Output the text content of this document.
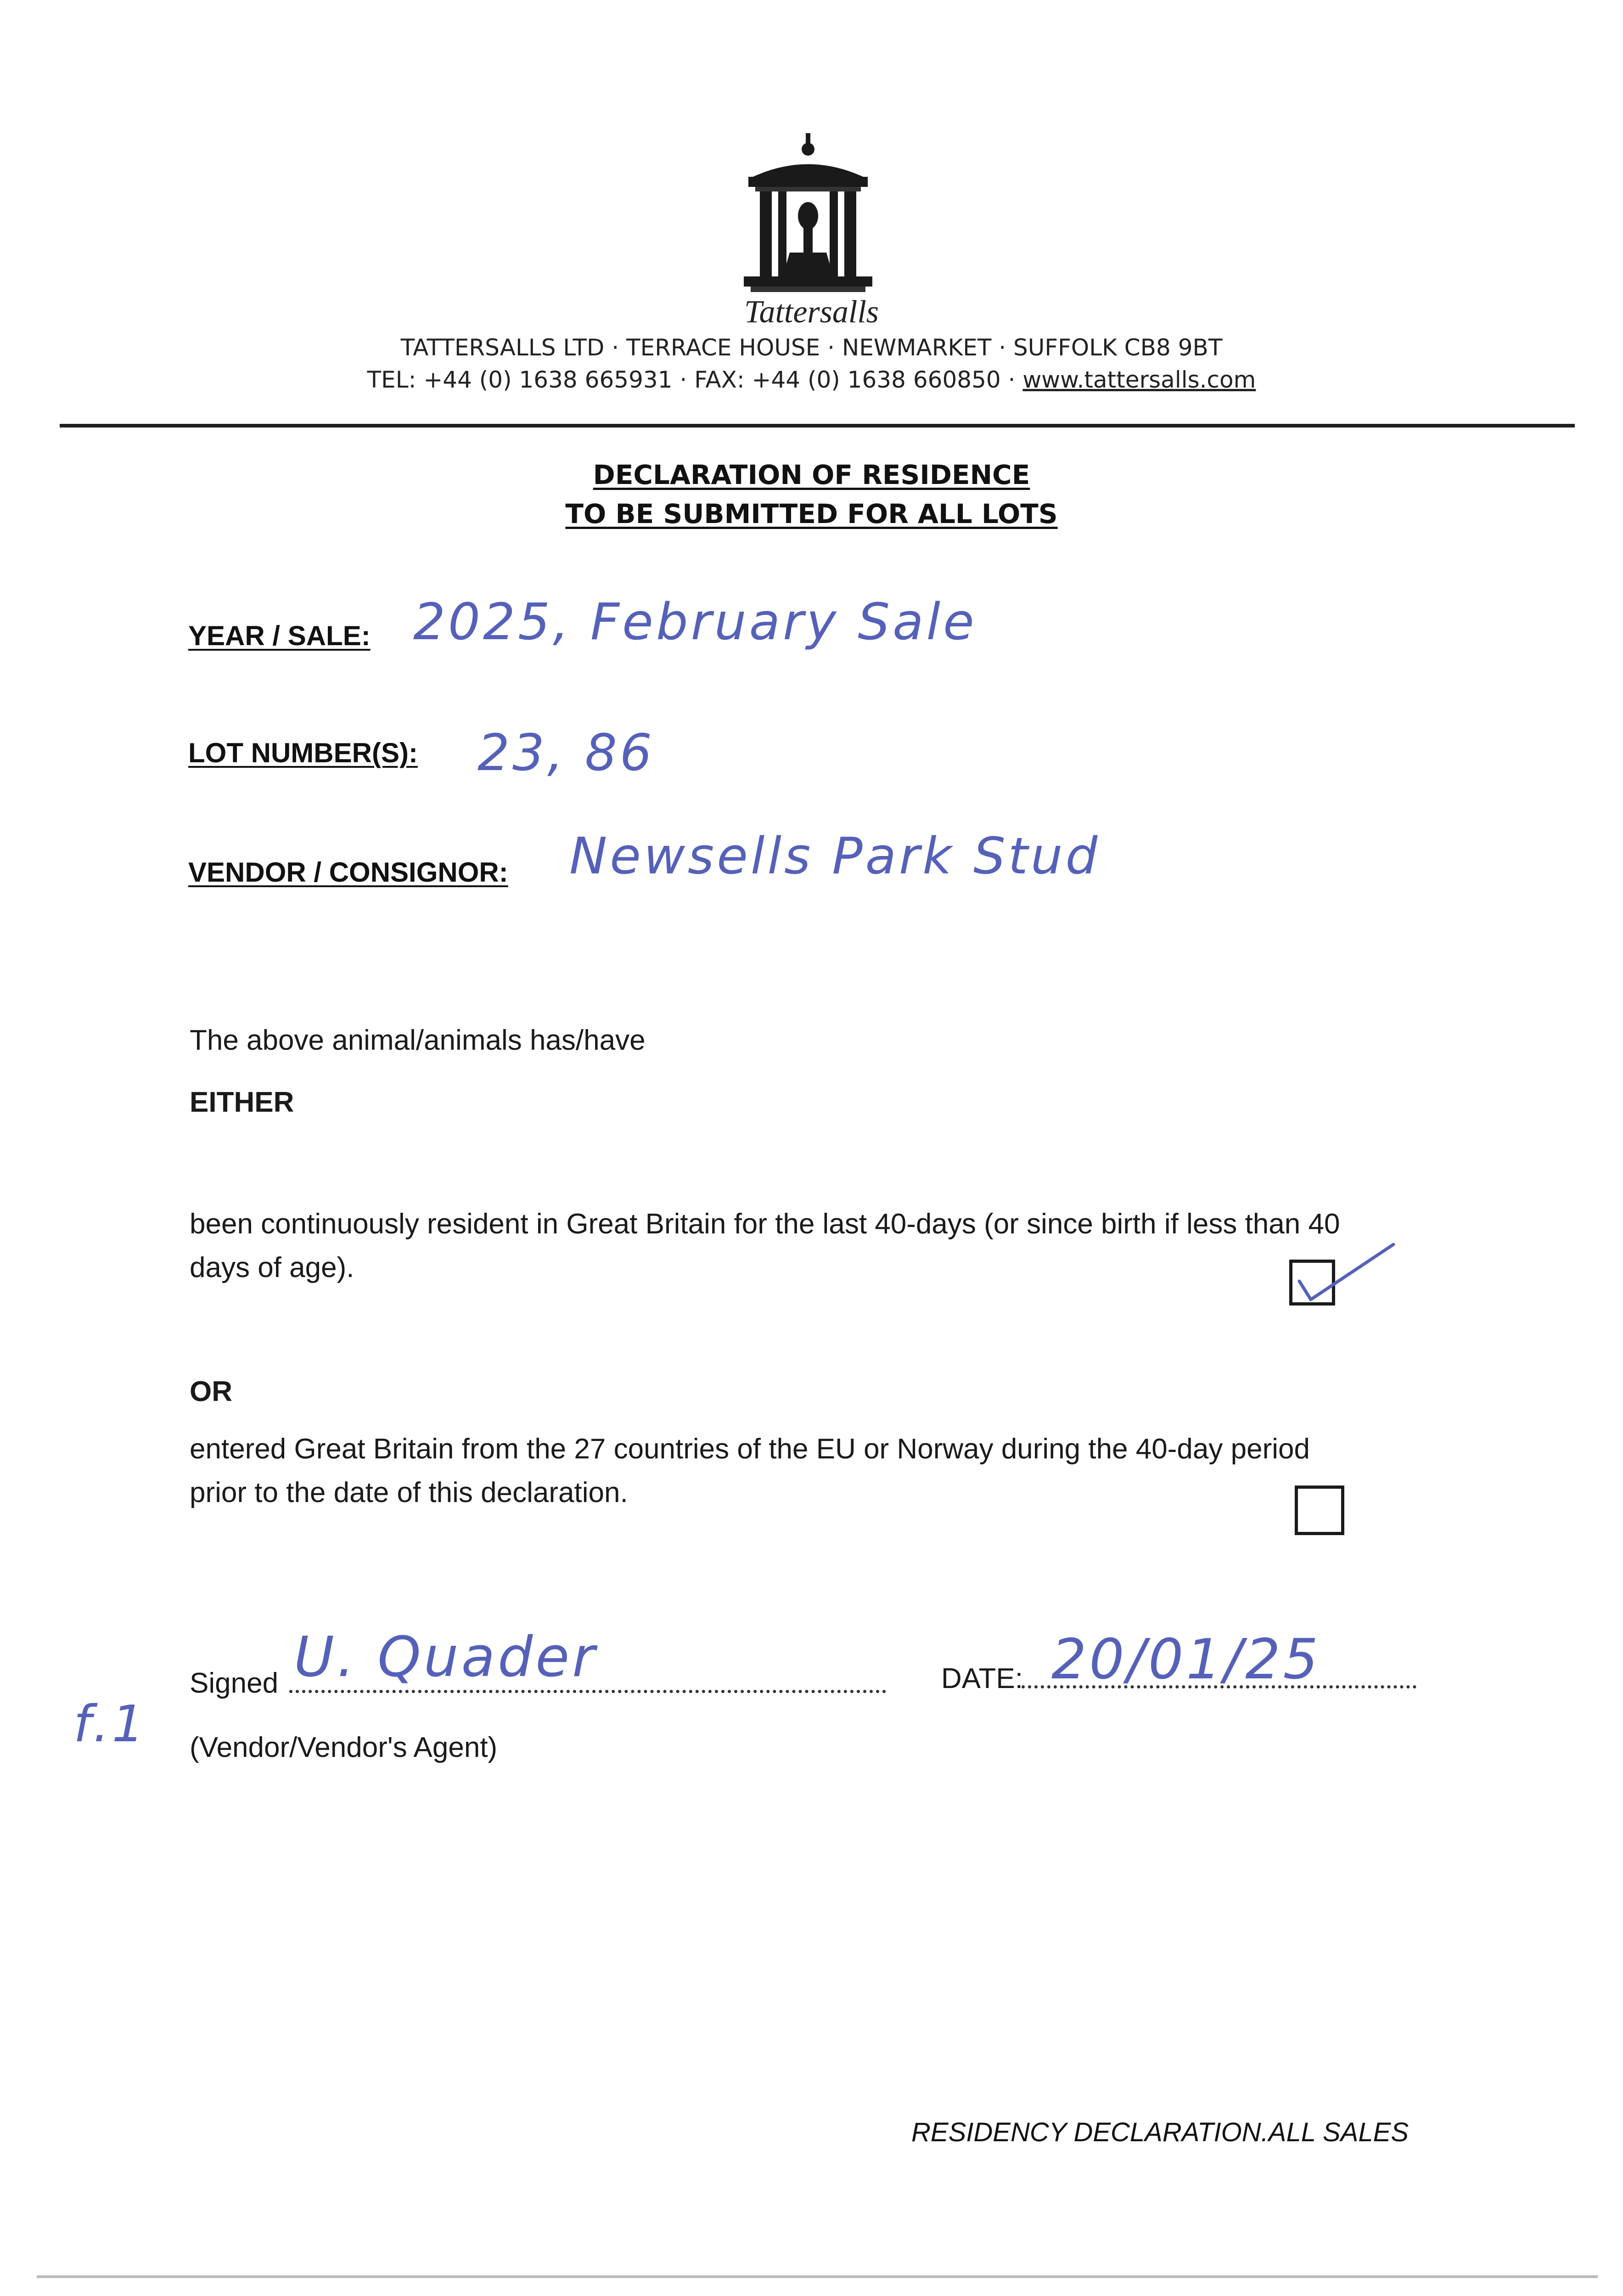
Tattersalls
TATTERSALLS LTD · TERRACE HOUSE · NEWMARKET · SUFFOLK CB8 9BT
TEL: +44 (0) 1638 665931 · FAX: +44 (0) 1638 660850 · www.tattersalls.com
DECLARATION OF RESIDENCE
TO BE SUBMITTED FOR ALL LOTS
YEAR / SALE: 2025, February Sale
LOT NUMBER(S): 23, 86
VENDOR / CONSIGNOR: Newsells Park Stud
The above animal/animals has/have
EITHER
been continuously resident in Great Britain for the last 40-days (or since birth if less than 40
days of age).
OR
entered Great Britain from the 27 countries of the EU or Norway during the 40-day period
prior to the date of this declaration.
Signed U. Quader	DATE: 20/01/25
(Vendor/Vendor's Agent)
f.1
RESIDENCY DECLARATION.ALL SALES
